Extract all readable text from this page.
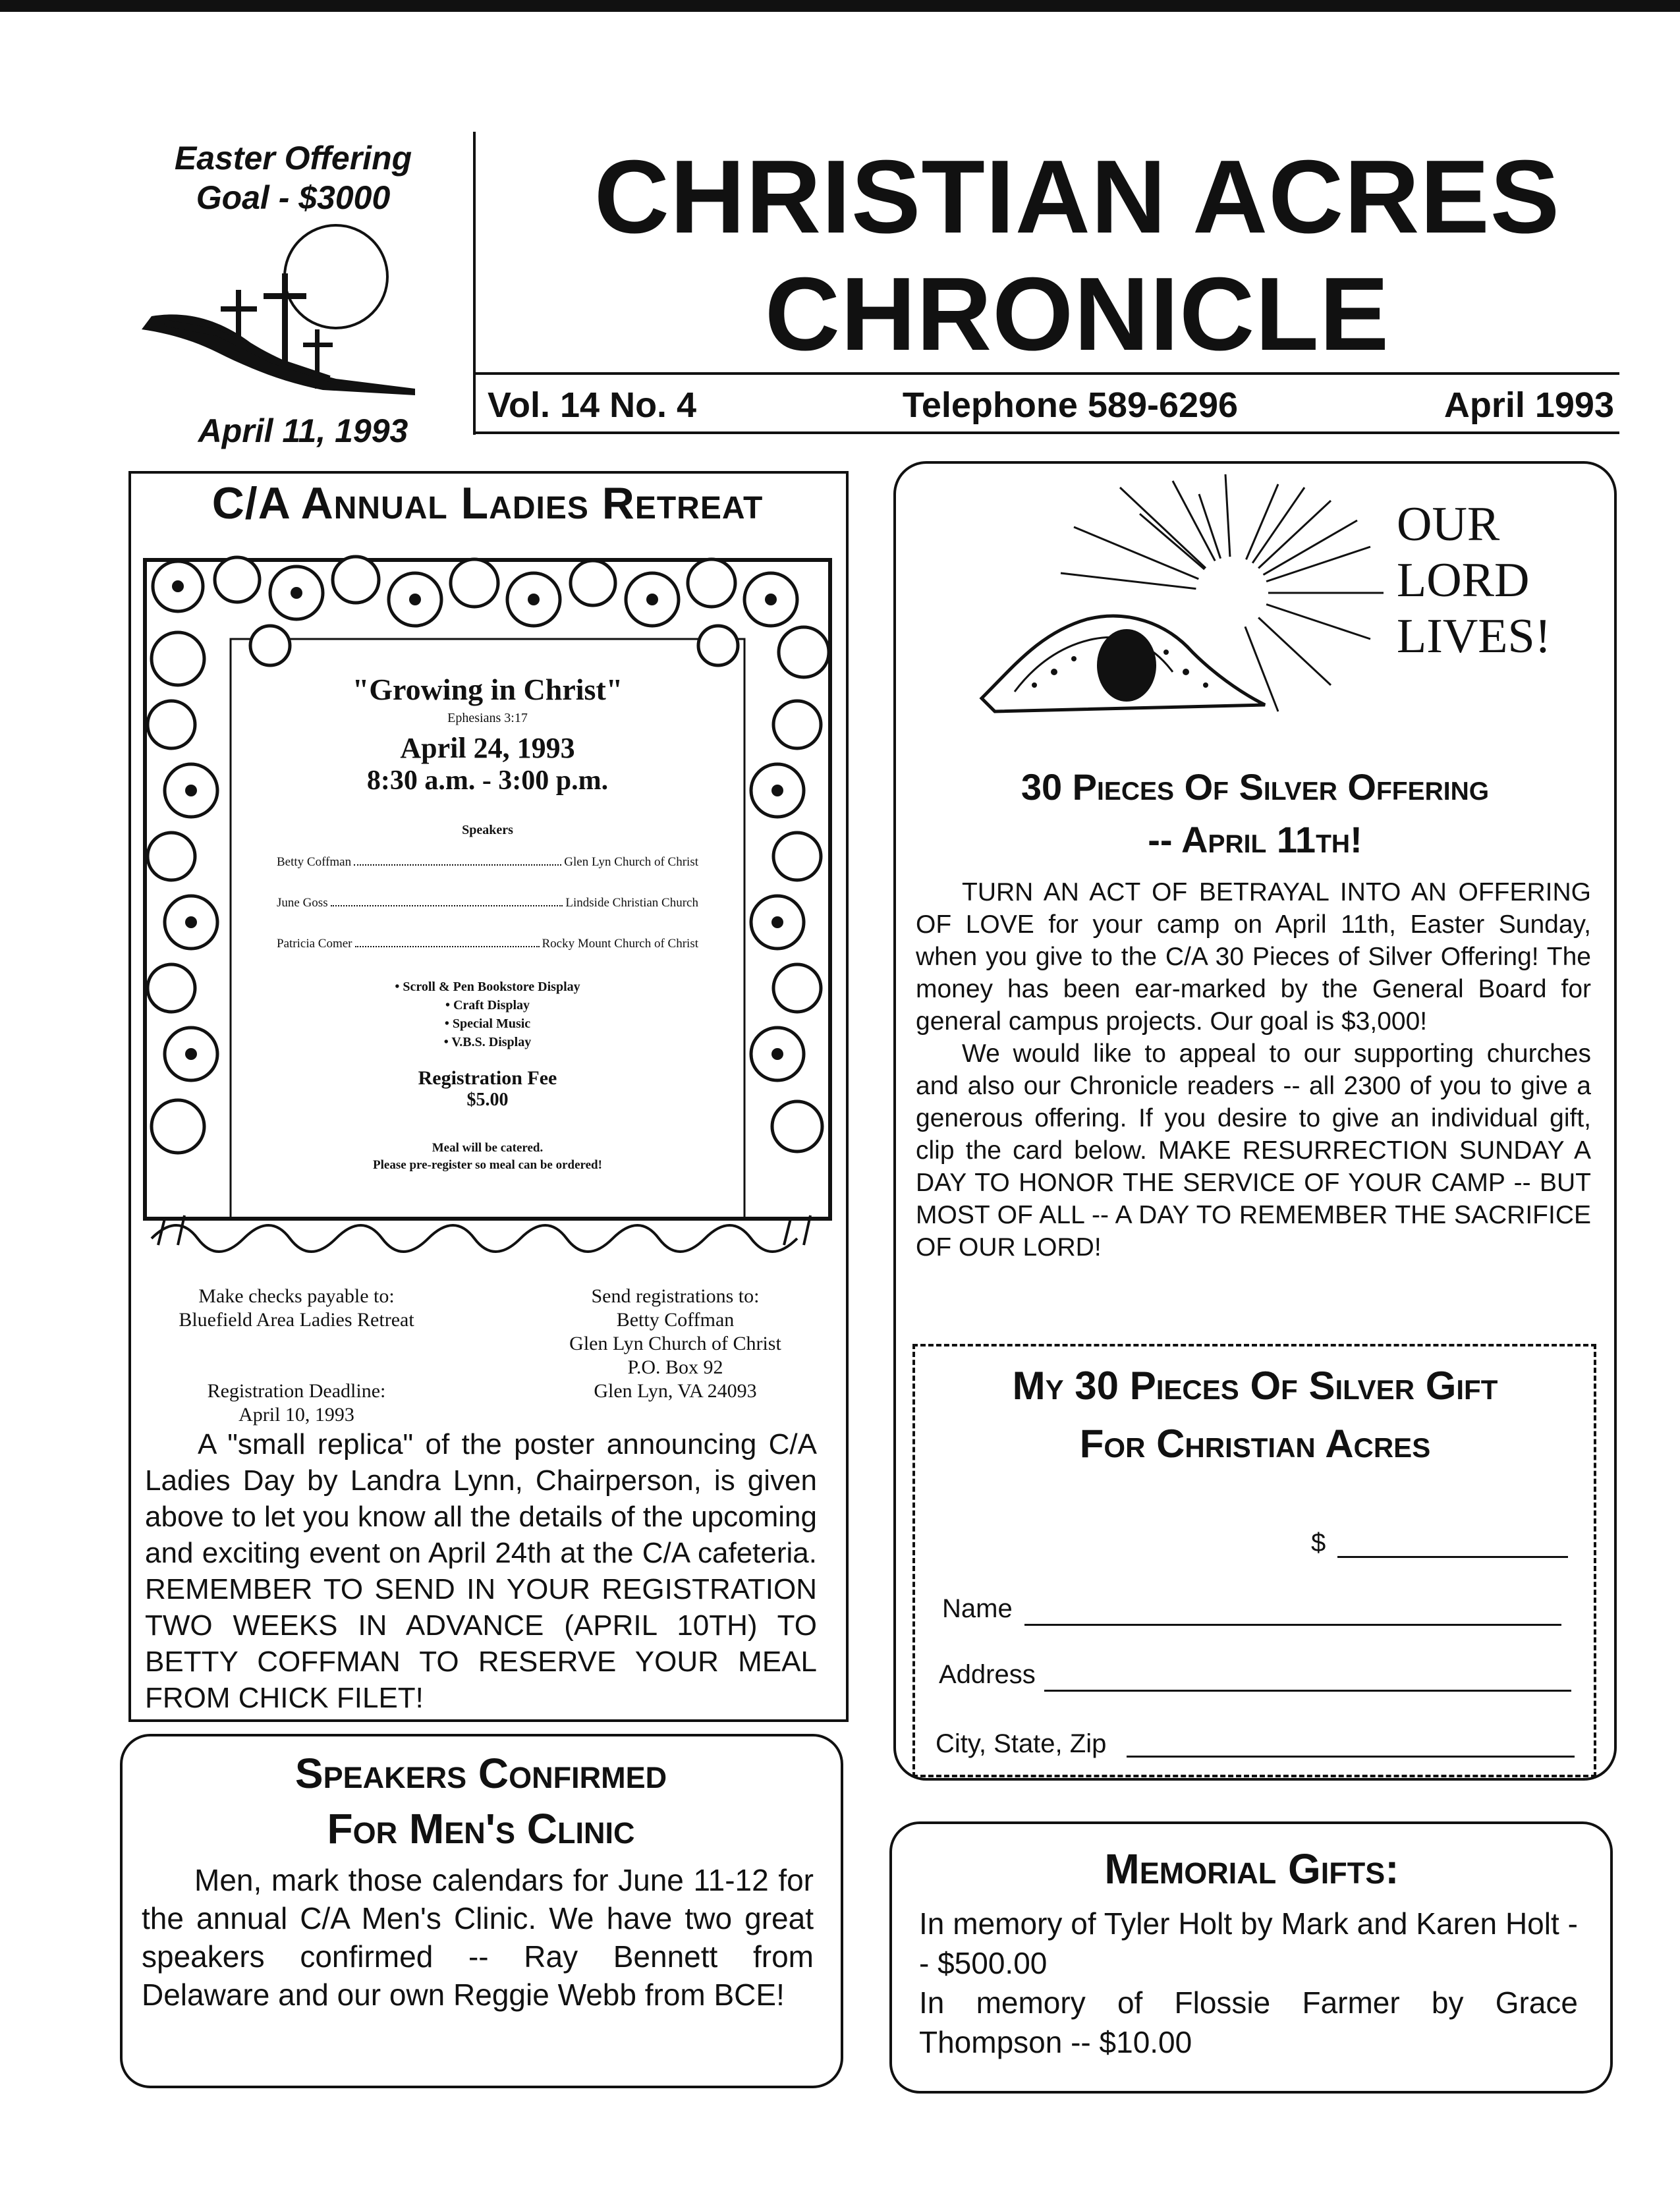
Easter Offering
Goal - $3000
April 11, 1993
CHRISTIAN ACRES
CHRONICLE
Vol. 14 No. 4	Telephone 589-6296	April 1993
C/A Annual Ladies Retreat
"Growing in Christ"
Ephesians 3:17
April 24, 1993
8:30 a.m. - 3:00 p.m.
Speakers
Betty Coffman	Glen Lyn Church of Christ
June Goss	Lindside Christian Church
Patricia Comer	Rocky Mount Church of Christ
• Scroll & Pen Bookstore Display
• Craft Display
• Special Music
• V.B.S. Display
Registration Fee
$5.00
Meal will be catered.
Please pre-register so meal can be ordered!
Make checks payable to:
Bluefield Area Ladies Retreat
Registration Deadline:
April 10, 1993
Send registrations to:
Betty Coffman
Glen Lyn Church of Christ
P.O. Box 92
Glen Lyn, VA 24093
A "small replica" of the poster announcing C/A Ladies Day by Landra Lynn, Chairperson, is given above to let you know all the details of the upcoming and exciting event on April 24th at the C/A cafeteria. REMEMBER TO SEND IN YOUR REGISTRATION TWO WEEKS IN ADVANCE (APRIL 10TH) TO BETTY COFFMAN TO RESERVE YOUR MEAL FROM CHICK FILET!
Speakers Confirmed
For Men's Clinic
Men, mark those calendars for June 11-12 for the annual C/A Men's Clinic. We have two great speakers confirmed -- Ray Bennett from Delaware and our own Reggie Webb from BCE!
OUR
LORD
LIVES!
30 Pieces Of Silver Offering
-- April 11th!

TURN AN ACT OF BETRAYAL INTO AN OFFERING OF LOVE for your camp on April 11th, Easter Sunday, when you give to the C/A 30 Pieces of Silver Offering! The money has been ear-marked by the General Board for general campus projects. Our goal is $3,000!

We would like to appeal to our supporting churches and also our Chronicle readers -- all 2300 of you to give a generous offering. If you desire to give an individual gift, clip the card below. MAKE RESURRECTION SUNDAY A DAY TO HONOR THE SERVICE OF YOUR CAMP -- BUT MOST OF ALL -- A DAY TO REMEMBER THE SACRIFICE OF OUR LORD!

My 30 Pieces Of Silver Gift
For Christian Acres
$
Name
Address
City, State, Zip
Memorial Gifts:

In memory of Tyler Holt by Mark and Karen Holt -- $500.00

In memory of Flossie Farmer by Grace Thompson -- $10.00
